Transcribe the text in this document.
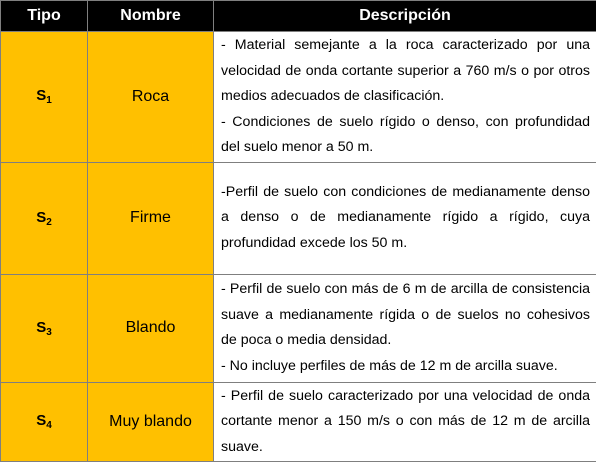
Tipo	Nombre	Descripción
$S_1$	Roca	- Material semejante a la roca caracterizado por una velocidad de onda cortante superior a 760 m/s o por otros medios adecuados de clasificación.
- Condiciones de suelo rígido o denso, con profundidad del suelo menor a 50 m.

$S_2$	Firme	-Perfil de suelo con condiciones de medianamente denso a denso o de medianamente rígido a rígido, cuya profundidad excede los 50 m.

$S_3$	Blando	- Perfil de suelo con más de 6 m de arcilla de consistencia suave a medianamente rígida o de suelos no cohesivos de poca o media densidad.
- No incluye perfiles de más de 12 m de arcilla suave.

$S_4$	Muy blando	- Perfil de suelo caracterizado por una velocidad de onda cortante menor a 150 m/s o con más de 12 m de arcilla suave.
